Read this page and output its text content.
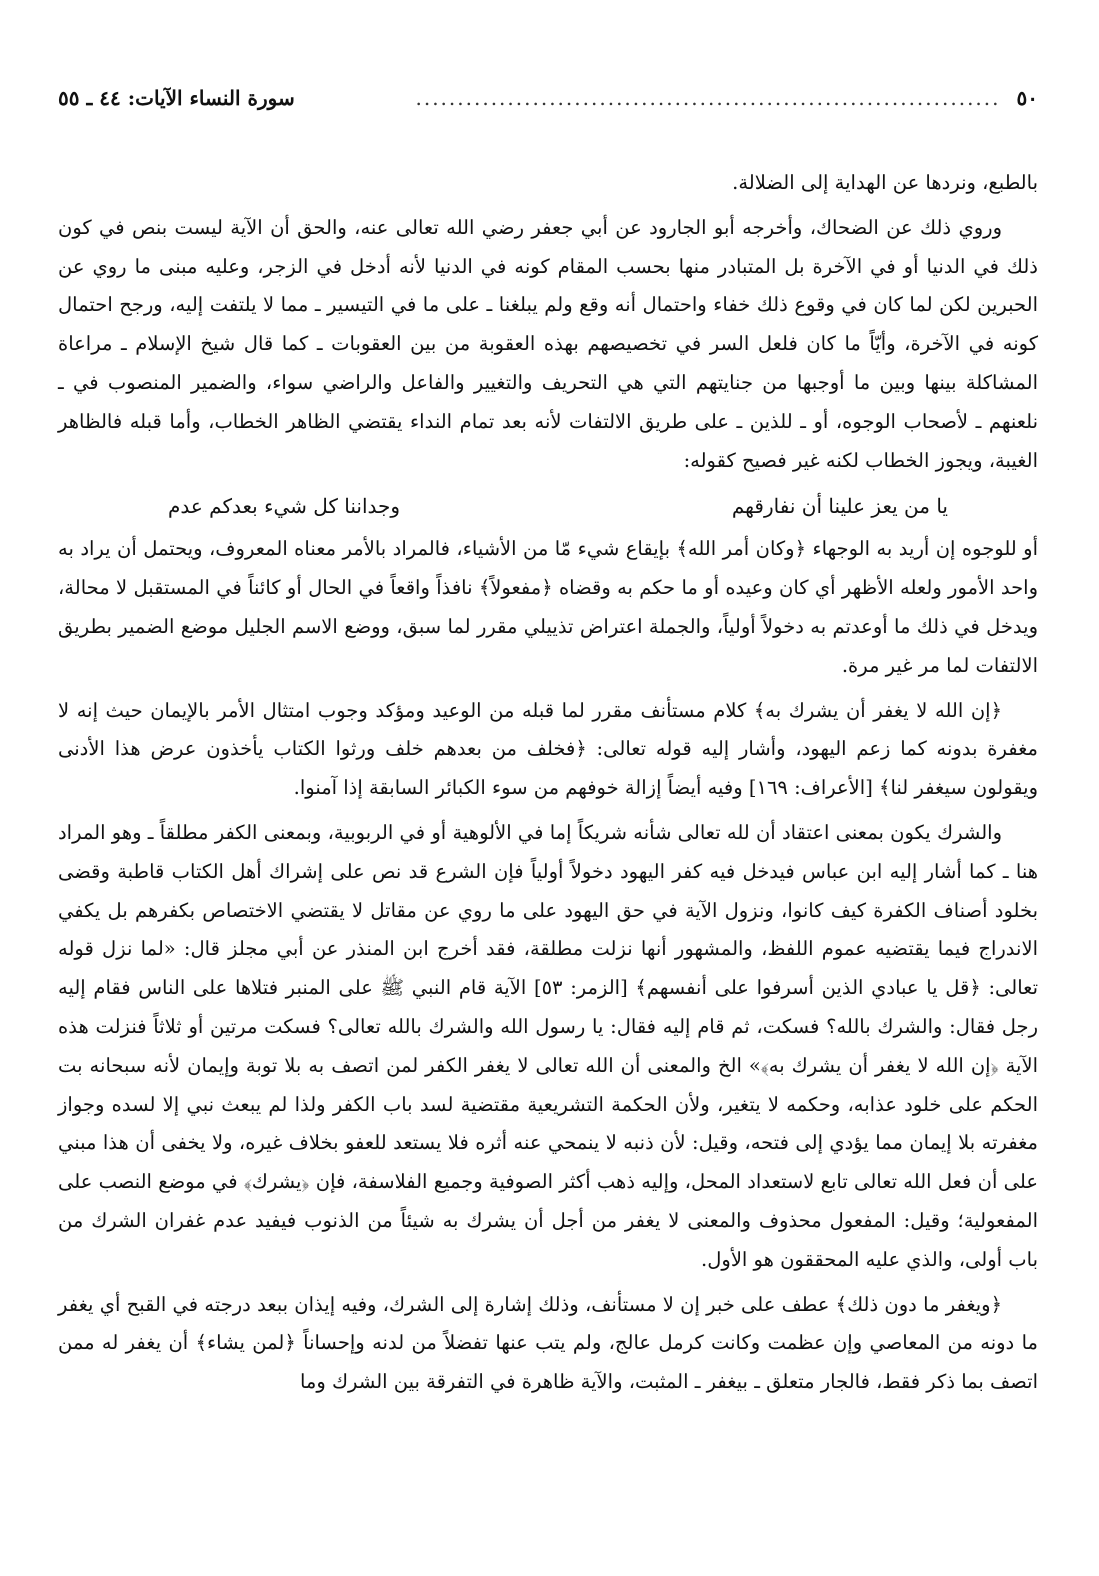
٥٠
......................................................................
سورة النساء الآيات: ٤٤ ـ ٥٥

بالطبع، ونردها عن الهداية إلى الضلالة.

وروي ذلك عن الضحاك، وأخرجه أبو الجارود عن أبي جعفر رضي الله تعالى عنه، والحق أن الآية ليست بنص في كون ذلك في الدنيا أو في الآخرة بل المتبادر منها بحسب المقام كونه في الدنيا لأنه أدخل في الزجر، وعليه مبنى ما روي عن الحبرين لكن لما كان في وقوع ذلك خفاء واحتمال أنه وقع ولم يبلغنا ـ على ما في التيسير ـ مما لا يلتفت إليه، ورجح احتمال كونه في الآخرة، وأيّاً ما كان فلعل السر في تخصيصهم بهذه العقوبة من بين العقوبات ـ كما قال شيخ الإسلام ـ مراعاة المشاكلة بينها وبين ما أوجبها من جنايتهم التي هي التحريف والتغيير والفاعل والراضي سواء، والضمير المنصوب في ـ نلعنهم ـ لأصحاب الوجوه، أو ـ للذين ـ على طريق الالتفات لأنه بعد تمام النداء يقتضي الظاهر الخطاب، وأما قبله فالظاهر الغيبة، ويجوز الخطاب لكنه غير فصيح كقوله:

يا من يعز علينا أن نفارقهم
وجداننا كل شيء بعدكم عدم

أو للوجوه إن أريد به الوجهاء ﴿وكان أمر الله﴾ بإيقاع شيء مّا من الأشياء، فالمراد بالأمر معناه المعروف، ويحتمل أن يراد به واحد الأمور ولعله الأظهر أي كان وعيده أو ما حكم به وقضاه ﴿مفعولاً﴾ نافذاً واقعاً في الحال أو كائناً في المستقبل لا محالة، ويدخل في ذلك ما أوعدتم به دخولاً أولياً، والجملة اعتراض تذييلي مقرر لما سبق، ووضع الاسم الجليل موضع الضمير بطريق الالتفات لما مر غير مرة.

﴿إن الله لا يغفر أن يشرك به﴾ كلام مستأنف مقرر لما قبله من الوعيد ومؤكد وجوب امتثال الأمر بالإيمان حيث إنه لا مغفرة بدونه كما زعم اليهود، وأشار إليه قوله تعالى: ﴿فخلف من بعدهم خلف ورثوا الكتاب يأخذون عرض هذا الأدنى ويقولون سيغفر لنا﴾ [الأعراف: ١٦٩] وفيه أيضاً إزالة خوفهم من سوء الكبائر السابقة إذا آمنوا.

والشرك يكون بمعنى اعتقاد أن لله تعالى شأنه شريكاً إما في الألوهية أو في الربوبية، وبمعنى الكفر مطلقاً ـ وهو المراد هنا ـ كما أشار إليه ابن عباس فيدخل فيه كفر اليهود دخولاً أولياً فإن الشرع قد نص على إشراك أهل الكتاب قاطبة وقضى بخلود أصناف الكفرة كيف كانوا، ونزول الآية في حق اليهود على ما روي عن مقاتل لا يقتضي الاختصاص بكفرهم بل يكفي الاندراج فيما يقتضيه عموم اللفظ، والمشهور أنها نزلت مطلقة، فقد أخرج ابن المنذر عن أبي مجلز قال: «لما نزل قوله تعالى: ﴿قل يا عبادي الذين أسرفوا على أنفسهم﴾ [الزمر: ٥٣] الآية قام النبي ﷺ على المنبر فتلاها على الناس فقام إليه رجل فقال: والشرك بالله؟ فسكت، ثم قام إليه فقال: يا رسول الله والشرك بالله تعالى؟ فسكت مرتين أو ثلاثاً فنزلت هذه الآية ﴿إن الله لا يغفر أن يشرك به﴾» الخ والمعنى أن الله تعالى لا يغفر الكفر لمن اتصف به بلا توبة وإيمان لأنه سبحانه بت الحكم على خلود عذابه، وحكمه لا يتغير، ولأن الحكمة التشريعية مقتضية لسد باب الكفر ولذا لم يبعث نبي إلا لسده وجواز مغفرته بلا إيمان مما يؤدي إلى فتحه، وقيل: لأن ذنبه لا ينمحي عنه أثره فلا يستعد للعفو بخلاف غيره، ولا يخفى أن هذا مبني على أن فعل الله تعالى تابع لاستعداد المحل، وإليه ذهب أكثر الصوفية وجميع الفلاسفة، فإن ﴿يشرك﴾ في موضع النصب على المفعولية؛ وقيل: المفعول محذوف والمعنى لا يغفر من أجل أن يشرك به شيئاً من الذنوب فيفيد عدم غفران الشرك من باب أولى، والذي عليه المحققون هو الأول.

﴿ويغفر ما دون ذلك﴾ عطف على خبر إن لا مستأنف، وذلك إشارة إلى الشرك، وفيه إيذان ببعد درجته في القبح أي يغفر ما دونه من المعاصي وإن عظمت وكانت كرمل عالج، ولم يتب عنها تفضلاً من لدنه وإحساناً ﴿لمن يشاء﴾ أن يغفر له ممن اتصف بما ذكر فقط، فالجار متعلق ـ بيغفر ـ المثبت، والآية ظاهرة في التفرقة بين الشرك وما
